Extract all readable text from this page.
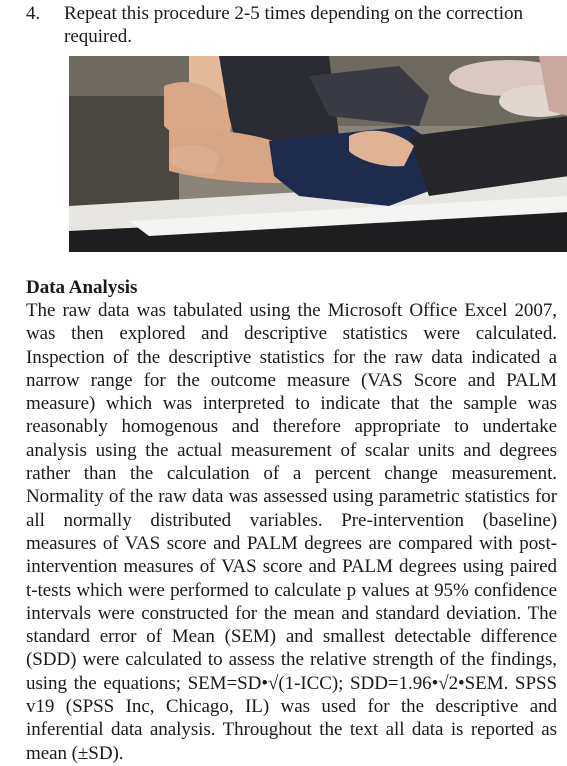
4.	Repeat this procedure 2-5 times depending on the correction required.
Data Analysis

The raw data was tabulated using the Microsoft Office Excel 2007, was then explored and descriptive statistics were calculated. Inspection of the descriptive statistics for the raw data indicated a narrow range for the outcome measure (VAS Score and PALM measure) which was interpreted to indicate that the sample was reasonably homogenous and therefore appropriate to undertake analysis using the actual measurement of scalar units and degrees rather than the calculation of a percent change measurement. Normality of the raw data was assessed using parametric statistics for all normally distributed variables. Pre-intervention (baseline) measures of VAS score and PALM degrees are compared with post- intervention measures of VAS score and PALM degrees using paired t-tests which were performed to calculate p values at 95% confidence intervals were constructed for the mean and standard deviation. The standard error of Mean (SEM) and smallest detectable difference (SDD) were calculated to assess the relative strength of the findings, using the equations; SEM=SD•√(1-ICC); SDD=1.96•√2•SEM. SPSS v19 (SPSS Inc, Chicago, IL) was used for the descriptive and inferential data analysis. Throughout the text all data is reported as mean (±SD).
